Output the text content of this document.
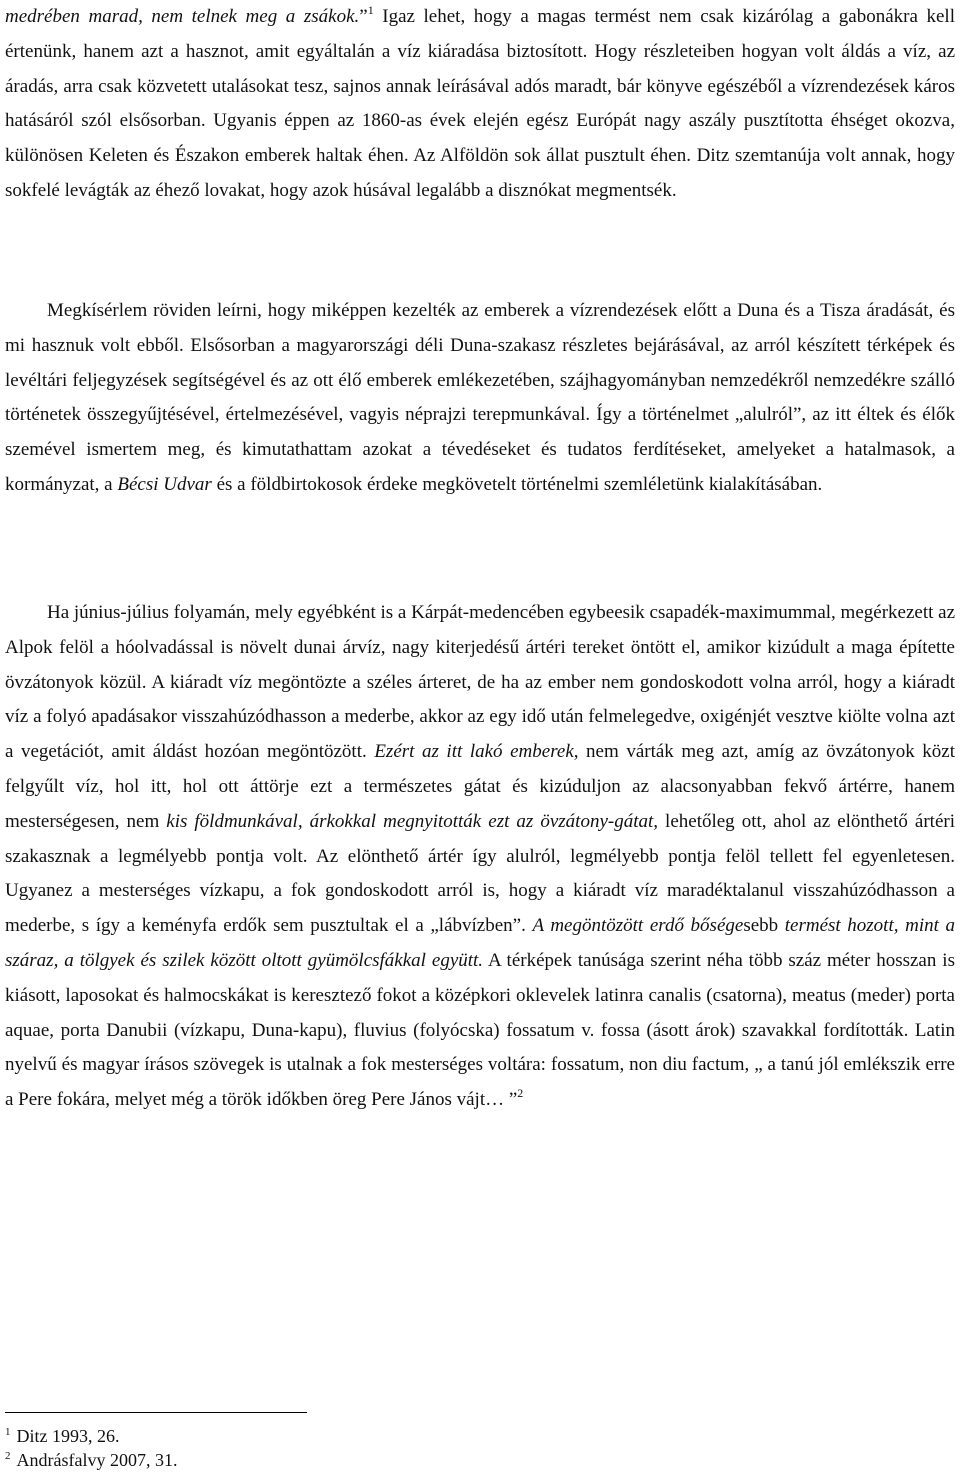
medrében marad, nem telnek meg a zsákok.”$^1$ Igaz lehet, hogy a magas termést nem csak kizárólag a gabonákra kell értenünk, hanem azt a hasznot, amit egyáltalán a víz kiáradása biztosított. Hogy részleteiben hogyan volt áldás a víz, az áradás, arra csak közvetett utalásokat tesz, sajnos annak leírásával adós maradt, bár könyve egészéből a vízrendezések káros hatásáról szól elsősorban. Ugyanis éppen az 1860-as évek elején egész Európát nagy aszály pusztította éhséget okozva, különösen Keleten és Északon emberek haltak éhen. Az Alföldön sok állat pusztult éhen. Ditz szemtanúja volt annak, hogy sokfelé levágták az éhező lovakat, hogy azok húsával legalább a disznókat megmentsék.

Megkísérlem röviden leírni, hogy miképpen kezelték az emberek a vízrendezések előtt a Duna és a Tisza áradását, és mi hasznuk volt ebből. Elsősorban a magyarországi déli Duna-szakasz részletes bejárásával, az arról készített térképek és levéltári feljegyzések segítségével és az ott élő emberek emlékezetében, szájhagyományban nemzedékről nemzedékre szálló történetek összegyűjtésével, értelmezésével, vagyis néprajzi terepmunkával. Így a történelmet „alulról”, az itt éltek és élők szemével ismertem meg, és kimutathattam azokat a tévedéseket és tudatos ferdítéseket, amelyeket a hatalmasok, a kormányzat, a Bécsi Udvar és a földbirtokosok érdeke megkövetelt történelmi szemléletünk kialakításában.

Ha június-július folyamán, mely egyébként is a Kárpát-medencében egybeesik csapadék-maximummal, megérkezett az Alpok felöl a hóolvadással is növelt dunai árvíz, nagy kiterjedésű ártéri tereket öntött el, amikor kizúdult a maga építette övzátonyok közül. A kiáradt víz megöntözte a széles árteret, de ha az ember nem gondoskodott volna arról, hogy a kiáradt víz a folyó apadásakor visszahúzódhasson a mederbe, akkor az egy idő után felmelegedve, oxigénjét vesztve kiölte volna azt a vegetációt, amit áldást hozóan megöntözött. Ezért az itt lakó emberek, nem várták meg azt, amíg az övzátonyok közt felgyűlt víz, hol itt, hol ott áttörje ezt a természetes gátat és kizúduljon az alacsonyabban fekvő ártérre, hanem mesterségesen, nem kis földmunkával, árkokkal megnyitották ezt az övzátony-gátat, lehetőleg ott, ahol az elönthető ártéri szakasznak a legmélyebb pontja volt. Az elönthető ártér így alulról, legmélyebb pontja felöl tellett fel egyenletesen. Ugyanez a mesterséges vízkapu, a fok gondoskodott arról is, hogy a kiáradt víz maradéktalanul visszahúzódhasson a mederbe, s így a keményfa erdők sem pusztultak el a „lábvízben”. A megöntözött erdő bőségesebb termést hozott, mint a száraz, a tölgyek és szilek között oltott gyümölcsfákkal együtt. A térképek tanúsága szerint néha több száz méter hosszan is kiásott, laposokat és halmocskákat is keresztező fokot a középkori oklevelek latinra canalis (csatorna), meatus (meder) porta aquae, porta Danubii (vízkapu, Duna-kapu), fluvius (folyócska) fossatum v. fossa (ásott árok) szavakkal fordították. Latin nyelvű és magyar írásos szövegek is utalnak a fok mesterséges voltára: fossatum, non diu factum, „ a tanú jól emlékszik erre a Pere fokára, melyet még a török időkben öreg Pere János vájt… ”$^2$

$^1$ Ditz 1993, 26.

$^2$ Andrásfalvy 2007, 31.
